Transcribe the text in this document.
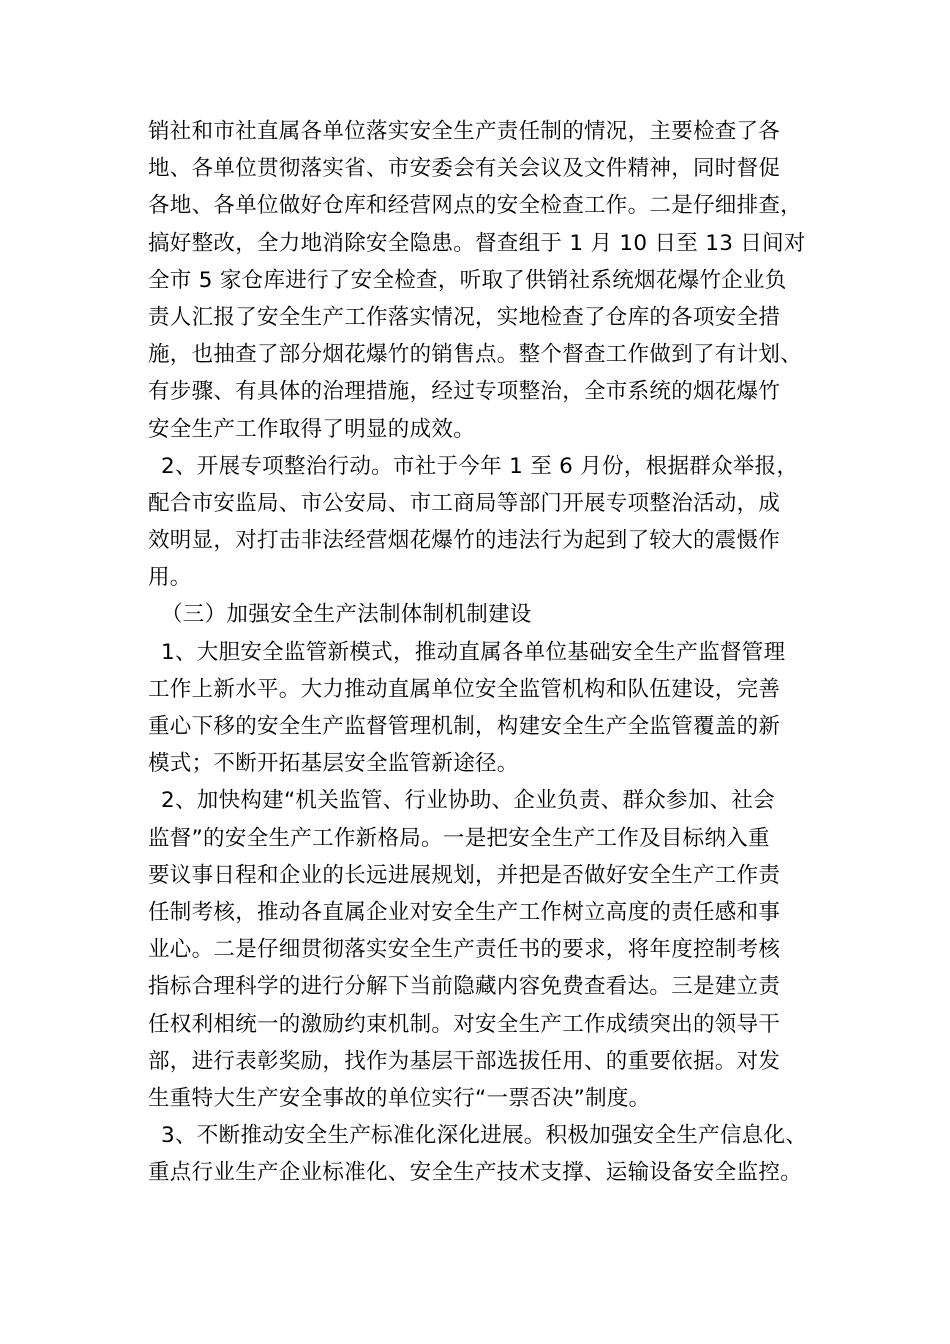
销社和市社直属各单位落实安全生产责任制的情况，主要检查了各
地、各单位贯彻落实省、市安委会有关会议及文件精神，同时督促
各地、各单位做好仓库和经营网点的安全检查工作。二是仔细排查，
搞好整改，全力地消除安全隐患。督查组于 1 月 10 日至 13 日间对
全市 5 家仓库进行了安全检查，听取了供销社系统烟花爆竹企业负
责人汇报了安全生产工作落实情况，实地检查了仓库的各项安全措
施，也抽查了部分烟花爆竹的销售点。整个督查工作做到了有计划、
有步骤、有具体的治理措施，经过专项整治，全市系统的烟花爆竹
安全生产工作取得了明显的成效。
2、开展专项整治行动。市社于今年 1 至 6 月份，根据群众举报，
配合市安监局、市公安局、市工商局等部门开展专项整治活动，成
效明显，对打击非法经营烟花爆竹的违法行为起到了较大的震慑作
用。
（三）加强安全生产法制体制机制建设
1、大胆安全监管新模式，推动直属各单位基础安全生产监督管理
工作上新水平。大力推动直属单位安全监管机构和队伍建设，完善
重心下移的安全生产监督管理机制，构建安全生产全监管覆盖的新
模式；不断开拓基层安全监管新途径。
2、加快构建“机关监管、行业协助、企业负责、群众参加、社会
监督”的安全生产工作新格局。一是把安全生产工作及目标纳入重
要议事日程和企业的长远进展规划，并把是否做好安全生产工作责
任制考核，推动各直属企业对安全生产工作树立高度的责任感和事
业心。二是仔细贯彻落实安全生产责任书的要求，将年度控制考核
指标合理科学的进行分解下当前隐藏内容免费查看达。三是建立责
任权利相统一的激励约束机制。对安全生产工作成绩突出的领导干
部，进行表彰奖励，找作为基层干部选拔任用、的重要依据。对发
生重特大生产安全事故的单位实行“一票否决”制度。
3、不断推动安全生产标准化深化进展。积极加强安全生产信息化、
重点行业生产企业标准化、安全生产技术支撑、运输设备安全监控。
